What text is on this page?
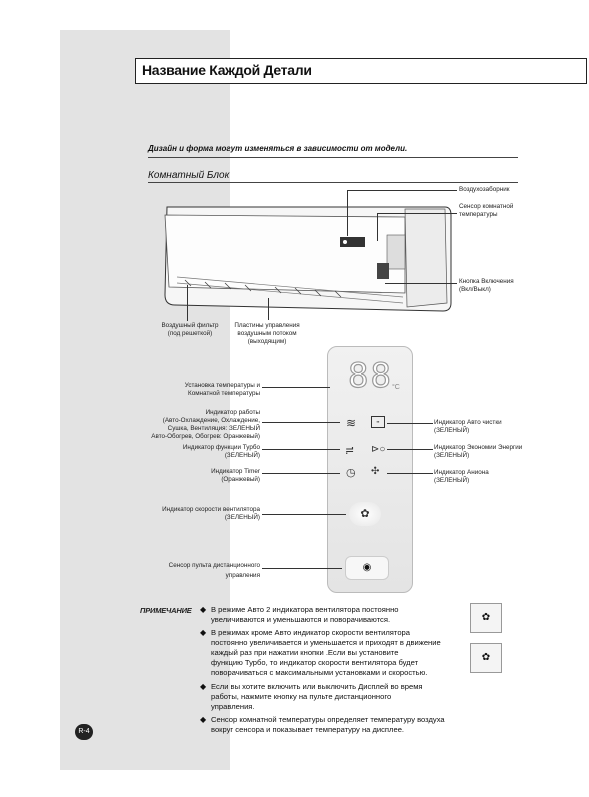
Название Каждой Детали
Дизайн и форма могут изменяться в зависимости от модели.
Комнатный Блок
Воздухозаборник
Сенсор комнатной
температуры
Кнопка Включения
(Вкл/Выкл)
Воздушный фильтр
(под решеткой)
Пластины управления
воздушным потоком
(выходящим)
88 °C
≋	▪▪
≓ ⊳○
◷ ✣
✿
◉
Установка температуры и
Комнатной температуры
Индикатор работы
(Авто-Охлаждение, Охлаждение,
Сушка, Вентиляция: ЗЕЛЕНЫЙ
Авто-Обогрев, Обогрев: Оранжевый)
Индикатор функции Турбо
(ЗЕЛЕНЫЙ)
Индикатор Timer
(Оранжевый)
Индикатор скорости вентилятора
(ЗЕЛЕНЫЙ)
Сенсор пульта дистанционного
управления
Индикатор Авто чистки
(ЗЕЛЕНЫЙ)
Индикатор Экономии Энергии
(ЗЕЛЕНЫЙ)
Индикатор Аниона
(ЗЕЛЕНЫЙ)
ПРИМЕЧАНИЕ ◆ В режиме Авто 2 индикатора вентилятора постоянно
увеличиваются и уменьшаются и поворачиваются.
◆ В режимах кроме Авто индикатор скорости вентилятора
постоянно увеличивается и уменьшается и приходят в движение
каждый раз при нажатии кнопки .Если вы установите
функцию Турбо, то индикатор скорости вентилятора будет
поворачиваться с максимальными установками и скоростью.
◆ Если вы хотите включить или выключить Дисплей во время
работы, нажмите кнопку на пульте дистанционного
управления.
◆ Сенсор комнатной температуры определяет температуру воздуха
вокруг сенсора и показывает температуру на дисплее.
✿
✿
R-4
